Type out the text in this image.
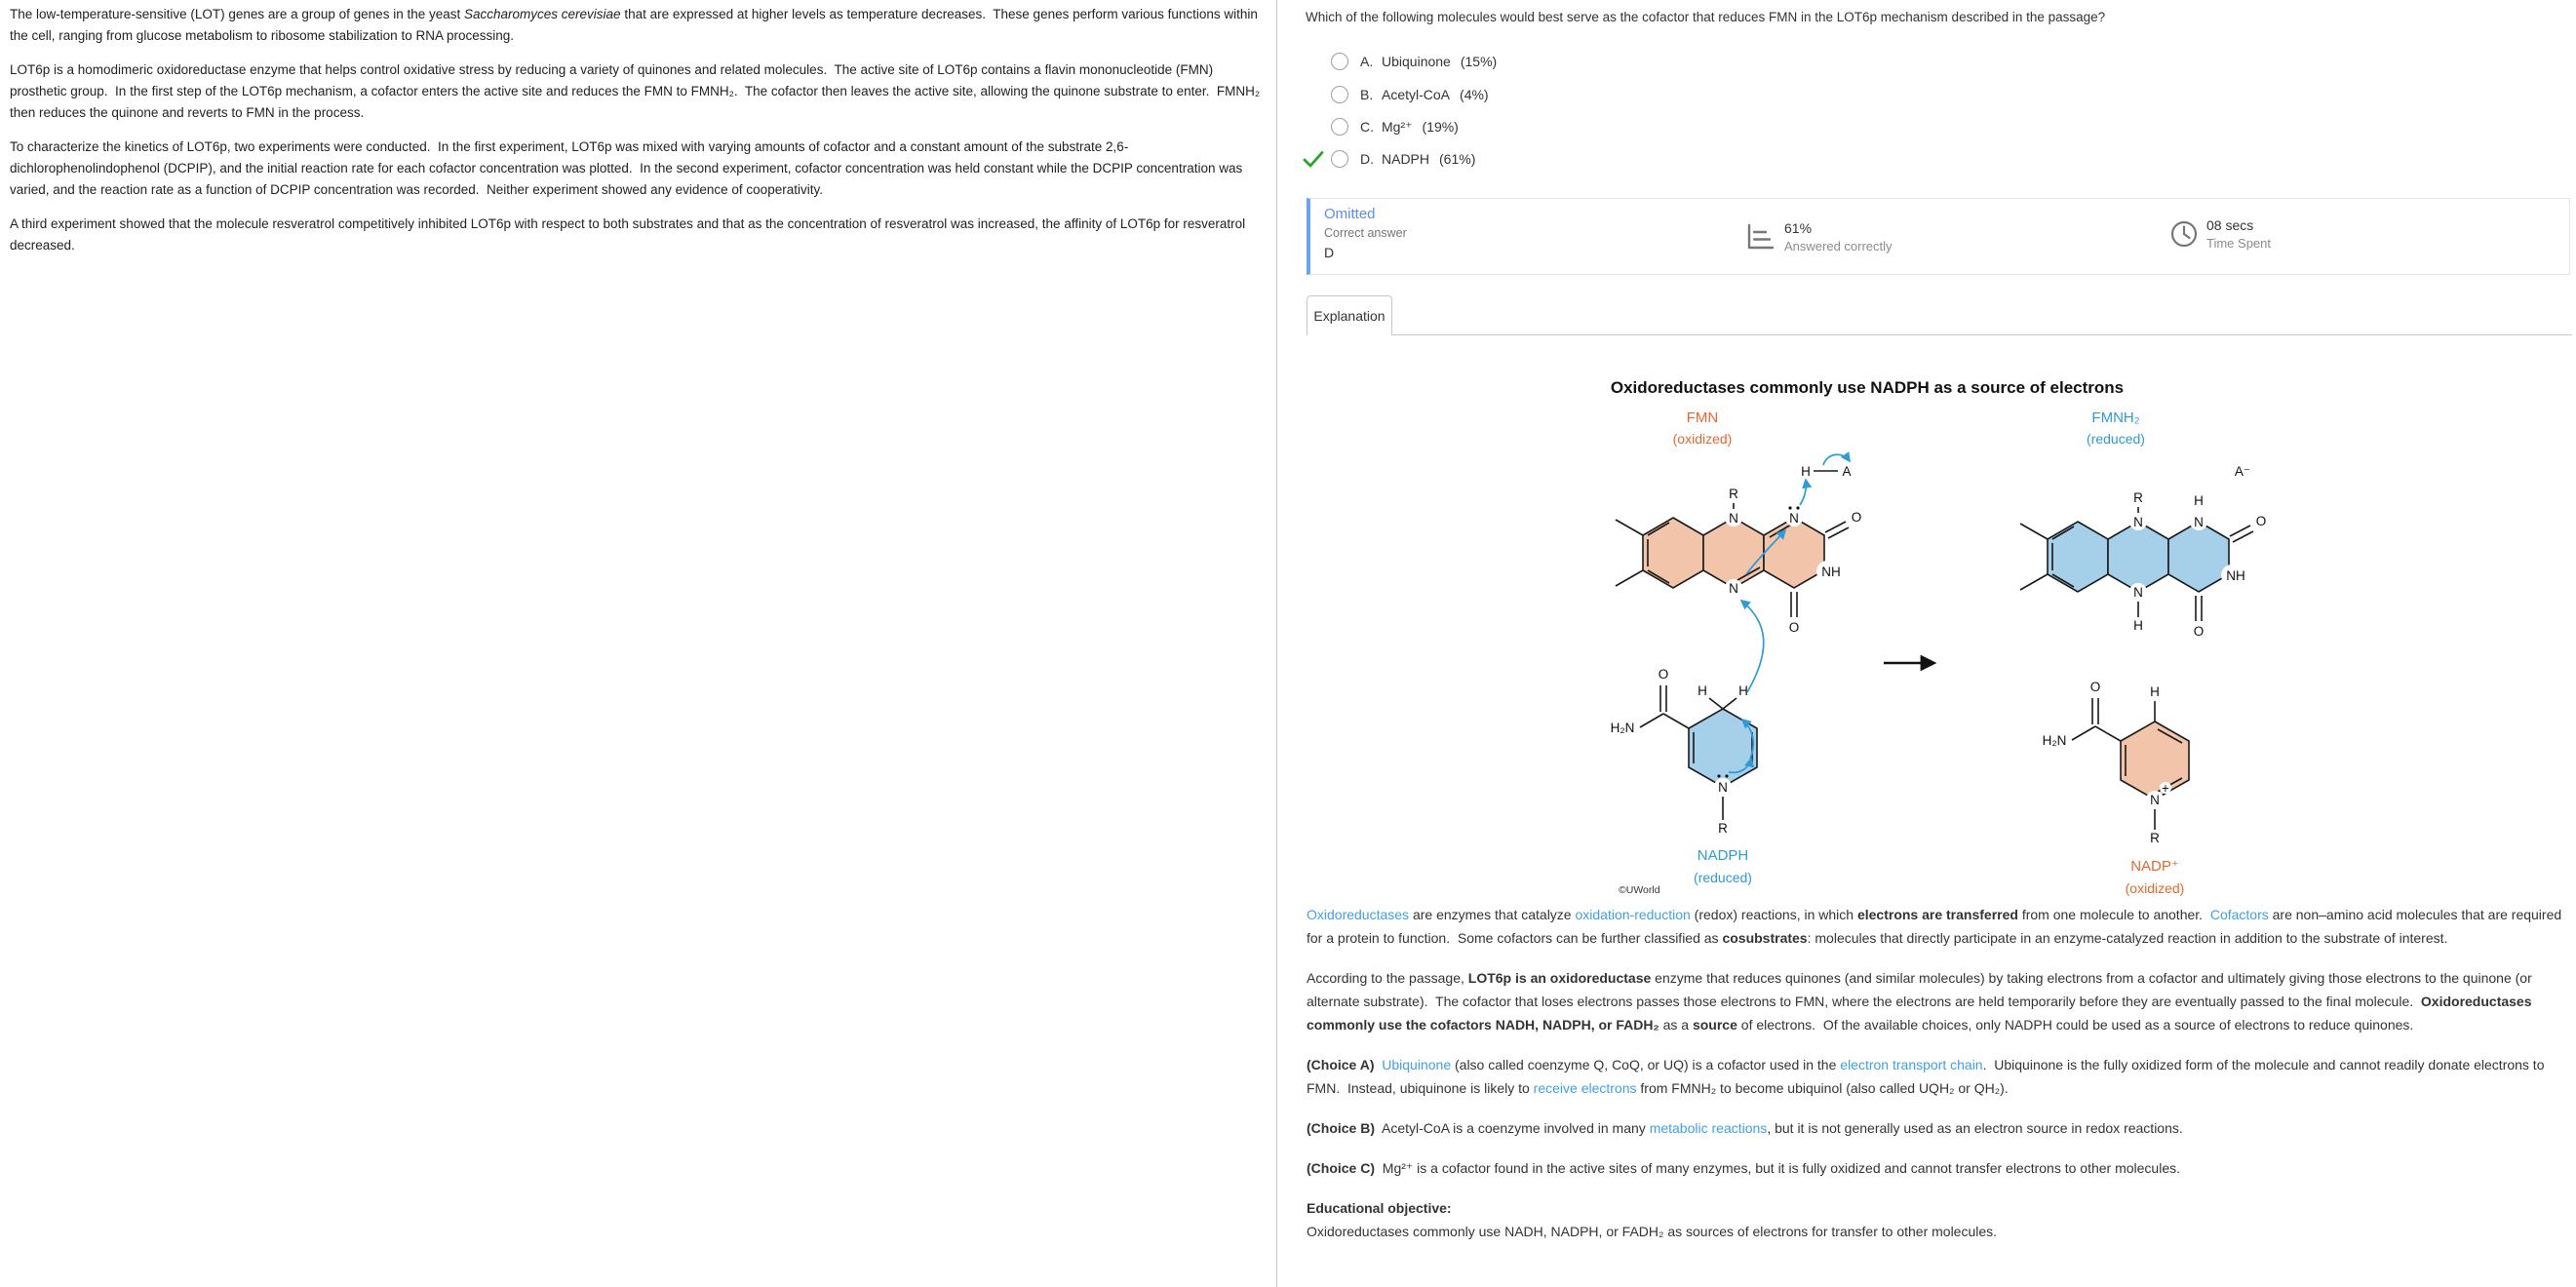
The low-temperature-sensitive (LOT) genes are a group of genes in the yeast Saccharomyces cerevisiae that are expressed at higher levels as temperature decreases.  These genes perform various functions within the cell, ranging from glucose metabolism to ribosome stabilization to RNA processing.

LOT6p is a homodimeric oxidoreductase enzyme that helps control oxidative stress by reducing a variety of quinones and related molecules.  The active site of LOT6p contains a flavin mononucleotide (FMN) prosthetic group.  In the first step of the LOT6p mechanism, a cofactor enters the active site and reduces the FMN to FMNH₂.  The cofactor then leaves the active site, allowing the quinone substrate to enter.  FMNH₂ then reduces the quinone and reverts to FMN in the process.

To characterize the kinetics of LOT6p, two experiments were conducted.  In the first experiment, LOT6p was mixed with varying amounts of cofactor and a constant amount of the substrate 2,6-dichlorophenolindophenol (DCPIP), and the initial reaction rate for each cofactor concentration was plotted.  In the second experiment, cofactor concentration was held constant while the DCPIP concentration was varied, and the reaction rate as a function of DCPIP concentration was recorded.  Neither experiment showed any evidence of cooperativity.

A third experiment showed that the molecule resveratrol competitively inhibited LOT6p with respect to both substrates and that as the concentration of resveratrol was increased, the affinity of LOT6p for resveratrol decreased.

Which of the following molecules would best serve as the cofactor that reduces FMN in the LOT6p mechanism described in the passage?
A. Ubiquinone (15%)
B. Acetyl-CoA (4%)
C. Mg²⁺ (19%)
D. NADPH (61%)
Omitted
Correct answer
D
61%
Answered correctly
08 secs
Time Spent
Explanation
Oxidoreductases commonly use NADPH as a source of electrons
FMN
(oxidized)
FMNH₂
(reduced)
R
N	N
N
NH
O
O
H A
R
N	N
H
N
H
NH
O
O
A⁻
H H
O
H₂N
N
R
NADPH
(reduced)
H
O
H₂N
N
+
R
NADP⁺
(oxidized)
©UWorld

Oxidoreductases are enzymes that catalyze oxidation-reduction (redox) reactions, in which electrons are transferred from one molecule to another.  Cofactors are non–amino acid molecules that are required for a protein to function.  Some cofactors can be further classified as cosubstrates: molecules that directly participate in an enzyme-catalyzed reaction in addition to the substrate of interest.

According to the passage, LOT6p is an oxidoreductase enzyme that reduces quinones (and similar molecules) by taking electrons from a cofactor and ultimately giving those electrons to the quinone (or alternate substrate).  The cofactor that loses electrons passes those electrons to FMN, where the electrons are held temporarily before they are eventually passed to the final molecule.  Oxidoreductases commonly use the cofactors NADH, NADPH, or FADH₂ as a source of electrons.  Of the available choices, only NADPH could be used as a source of electrons to reduce quinones.

(Choice A) Ubiquinone (also called coenzyme Q, CoQ, or UQ) is a cofactor used in the electron transport chain.  Ubiquinone is the fully oxidized form of the molecule and cannot readily donate electrons to FMN.  Instead, ubiquinone is likely to receive electrons from FMNH₂ to become ubiquinol (also called UQH₂ or QH₂).

(Choice B)  Acetyl-CoA is a coenzyme involved in many metabolic reactions, but it is not generally used as an electron source in redox reactions.

(Choice C)  Mg²⁺ is a cofactor found in the active sites of many enzymes, but it is fully oxidized and cannot transfer electrons to other molecules.

Educational objective:

Oxidoreductases commonly use NADH, NADPH, or FADH₂ as sources of electrons for transfer to other molecules.
